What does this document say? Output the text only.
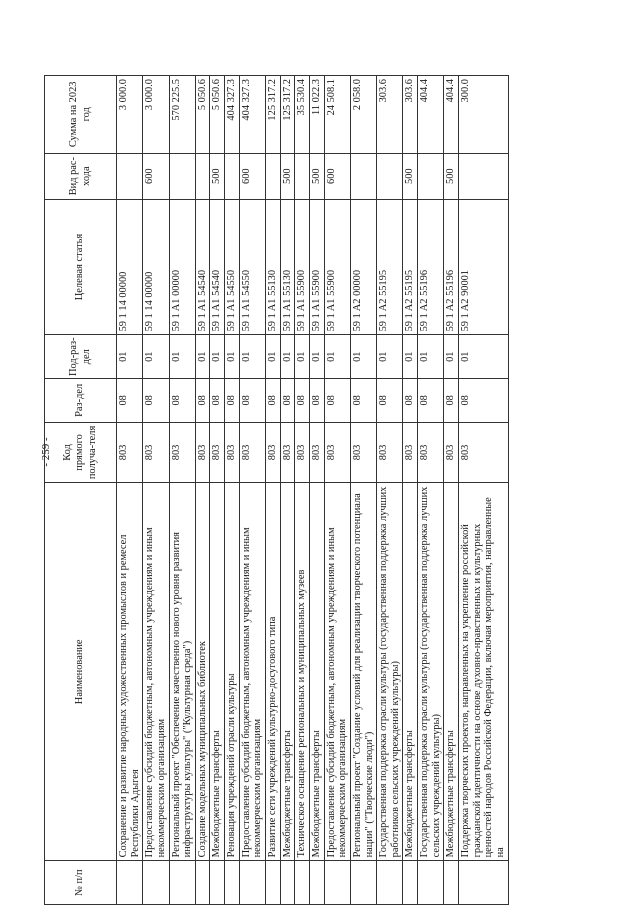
- 259 -
№ п/п	Наименование	Код прямого получа-теля	Раз-дел	Под-раз-дел	Целевая статья	Вид рас-хода	Сумма на 2023 год
	Сохранение и развитие народных художественных промыслов и ремесел Республики Адыгея	803	08	01	59 1 14 00000		3 000.0
	Предоставление субсидий бюджетным, автономным учреждениям и иным некоммерческим организациям	803	08	01	59 1 14 00000	600	3 000.0
	Региональный проект "Обеспечение качественно нового уровня развития инфраструктуры культуры" ("Культурная среда")	803	08	01	59 1 A1 00000		570 225.5
	Создание модельных муниципальных библиотек	803	08	01	59 1 A1 54540		5 050.6
	Межбюджетные трансферты	803	08	01	59 1 A1 54540	500	5 050.6
	Реновация учреждений отрасли культуры	803	08	01	59 1 A1 54550		404 327.3
	Предоставление субсидий бюджетным, автономным учреждениям и иным некоммерческим организациям	803	08	01	59 1 A1 54550	600	404 327.3
	Развитие сети учреждений культурно-досугового типа	803	08	01	59 1 A1 55130		125 317.2
	Межбюджетные трансферты	803	08	01	59 1 A1 55130	500	125 317.2
	Техническое оснащение региональных и муниципальных музеев	803	08	01	59 1 A1 55900		35 530.4
	Межбюджетные трансферты	803	08	01	59 1 A1 55900	500	11 022.3
	Предоставление субсидий бюджетным, автономным учреждениям и иным некоммерческим организациям	803	08	01	59 1 A1 55900	600	24 508.1
	Региональный проект "Создание условий для реализации творческого потенциала нации" ("Творческие люди")	803	08	01	59 1 A2 00000		2 058.0
	Государственная поддержка отрасли культуры (государственная поддержка лучших работников сельских учреждений культуры)	803	08	01	59 1 A2 55195		303.6
	Межбюджетные трансферты	803	08	01	59 1 A2 55195	500	303.6
	Государственная поддержка отрасли культуры (государственная поддержка лучших сельских учреждений культуры)	803	08	01	59 1 A2 55196		404.4
	Межбюджетные трансферты	803	08	01	59 1 A2 55196	500	404.4
	Поддержка творческих проектов, направленных на укрепление российской гражданской идентичности на основе духовно-нравственных и культурных ценностей народов Российской Федерации, включая мероприятия, направленные на	803	08	01	59 1 A2 90001		300.0
